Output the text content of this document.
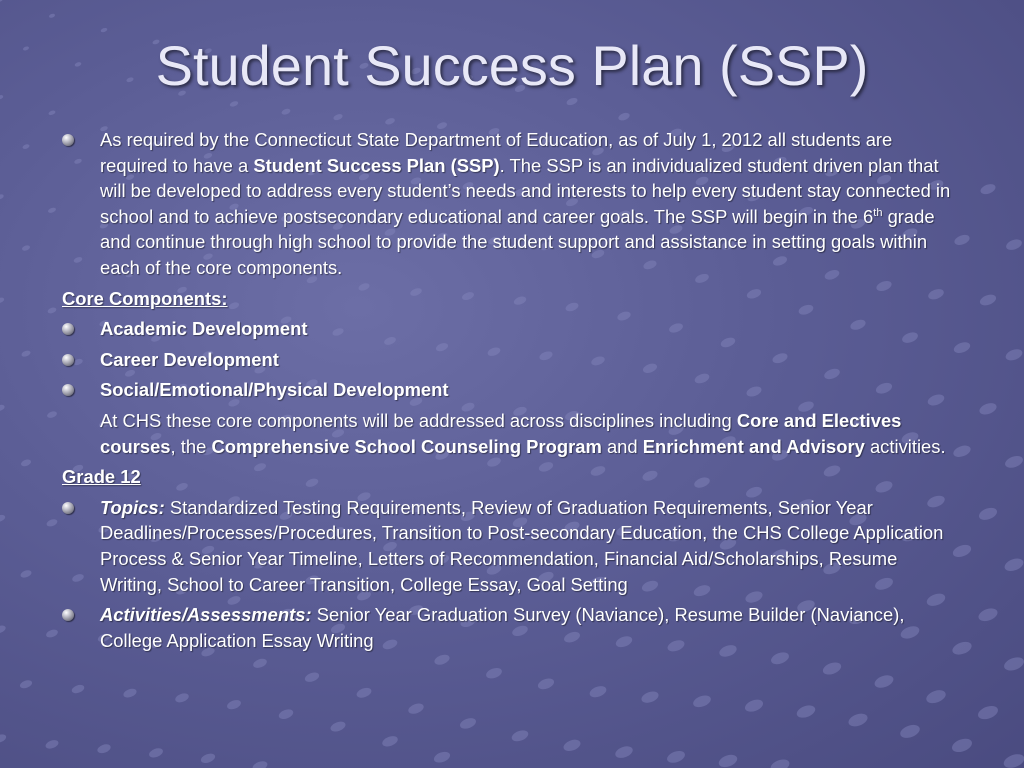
Student Success Plan (SSP)
As required by the Connecticut State Department of Education, as of July 1, 2012 all students are required to have a Student Success Plan (SSP). The SSP is an individualized student driven plan that will be developed to address every student’s needs and interests to help every student stay connected in school and to achieve postsecondary educational and career goals. The SSP will begin in the 6th grade and continue through high school to provide the student support and assistance in setting goals within each of the core components.
Core Components:
Academic Development
Career Development
Social/Emotional/Physical Development
At CHS these core components will be addressed across disciplines including Core and Electives courses, the Comprehensive School Counseling Program and Enrichment and Advisory activities.
Grade 12
Topics: Standardized Testing Requirements, Review of Graduation Requirements, Senior Year Deadlines/Processes/Procedures, Transition to Post-secondary Education, the CHS College Application Process & Senior Year Timeline, Letters of Recommendation, Financial Aid/Scholarships, Resume Writing, School to Career Transition, College Essay, Goal Setting
Activities/Assessments: Senior Year Graduation Survey (Naviance), Resume Builder (Naviance), College Application Essay Writing
